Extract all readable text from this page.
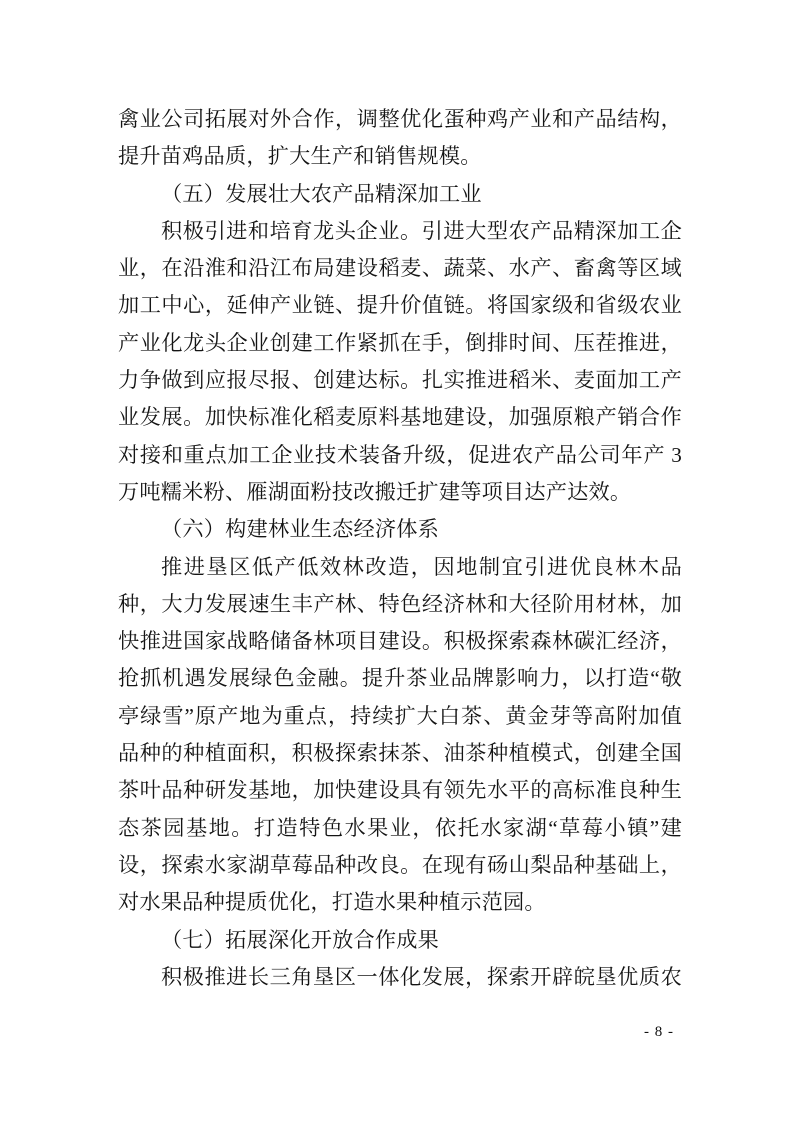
禽业公司拓展对外合作，调整优化蛋种鸡产业和产品结构，
提升苗鸡品质，扩大生产和销售规模。
（五）发展壮大农产品精深加工业
积极引进和培育龙头企业。引进大型农产品精深加工企
业，在沿淮和沿江布局建设稻麦、蔬菜、水产、畜禽等区域
加工中心，延伸产业链、提升价值链。将国家级和省级农业
产业化龙头企业创建工作紧抓在手，倒排时间、压茬推进，
力争做到应报尽报、创建达标。扎实推进稻米、麦面加工产
业发展。加快标准化稻麦原料基地建设，加强原粮产销合作
对接和重点加工企业技术装备升级，促进农产品公司年产 3
万吨糯米粉、雁湖面粉技改搬迁扩建等项目达产达效。
（六）构建林业生态经济体系
推进垦区低产低效林改造，因地制宜引进优良林木品
种，大力发展速生丰产林、特色经济林和大径阶用材林，加
快推进国家战略储备林项目建设。积极探索森林碳汇经济，
抢抓机遇发展绿色金融。提升茶业品牌影响力，以打造“敬
亭绿雪”原产地为重点，持续扩大白茶、黄金芽等高附加值
品种的种植面积，积极探索抹茶、油茶种植模式，创建全国
茶叶品种研发基地，加快建设具有领先水平的高标准良种生
态茶园基地。打造特色水果业，依托水家湖“草莓小镇”建
设，探索水家湖草莓品种改良。在现有砀山梨品种基础上，
对水果品种提质优化，打造水果种植示范园。
（七）拓展深化开放合作成果
积极推进长三角垦区一体化发展，探索开辟皖垦优质农
- 8 -
